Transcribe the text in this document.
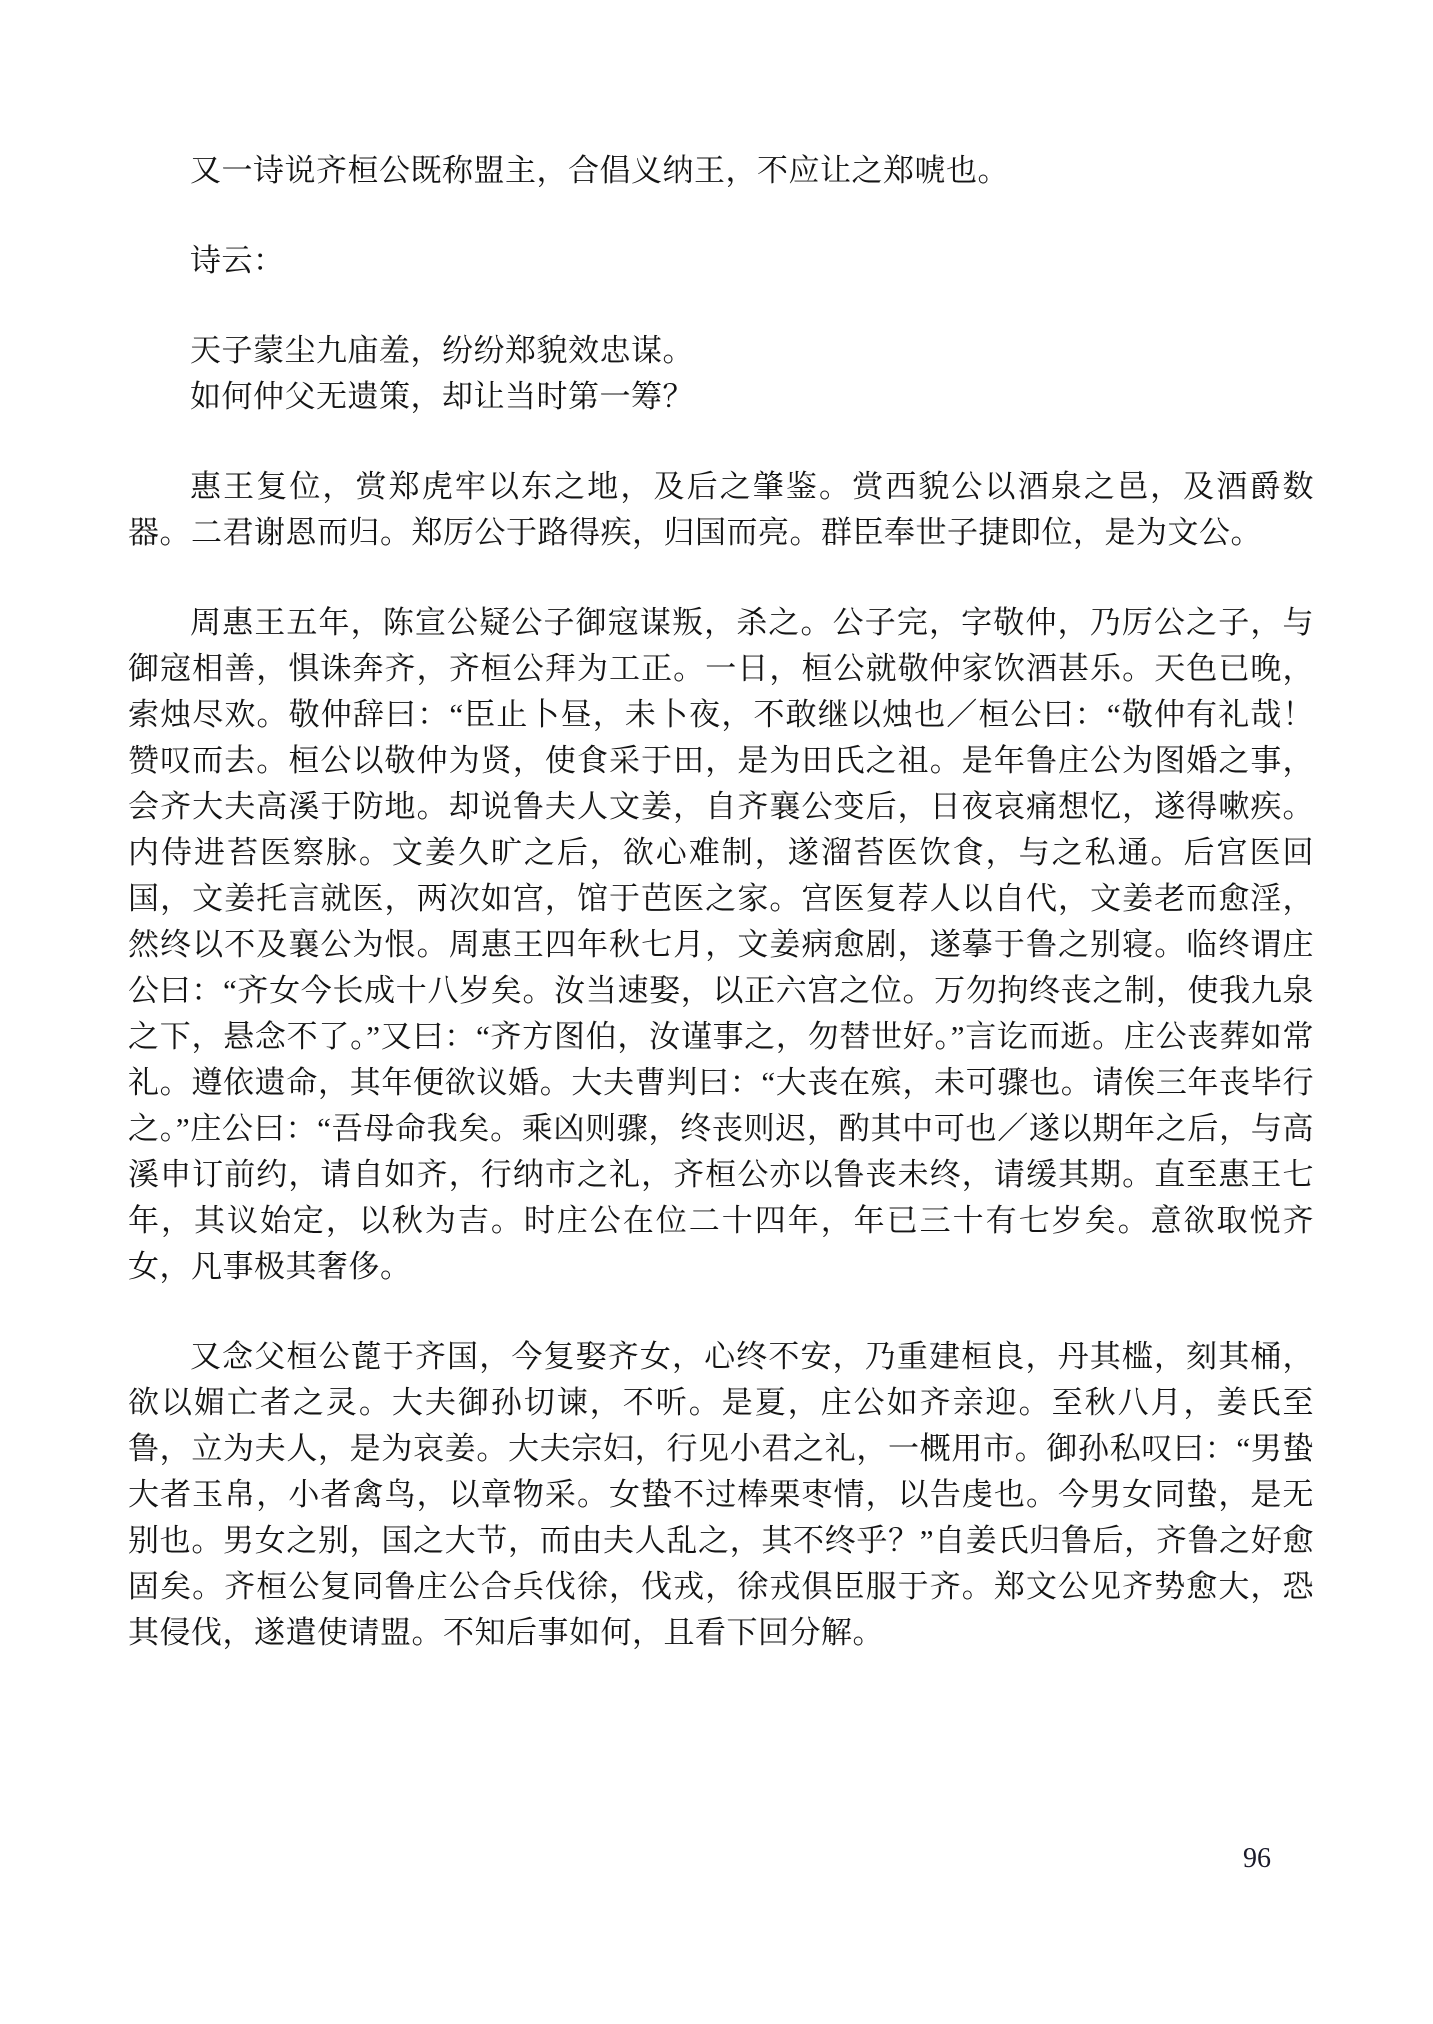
又一诗说齐桓公既称盟主，合倡义纳王，不应让之郑唬也。

诗云：

天子蒙尘九庙羞，纷纷郑貌效忠谋。
如何仲父无遗策，却让当时第一筹？

惠王复位，赏郑虎牢以东之地，及后之肇鉴。赏西貌公以酒泉之邑，及酒爵数器。二君谢恩而归。郑厉公于路得疾，归国而亮。群臣奉世子捷即位，是为文公。

周惠王五年，陈宣公疑公子御寇谋叛，杀之。公子完，字敬仲，乃厉公之子，与御寇相善，惧诛奔齐，齐桓公拜为工正。一日，桓公就敬仲家饮酒甚乐。天色已晚，索烛尽欢。敬仲辞曰：“臣止卜昼，未卜夜，不敢继以烛也／桓公曰：“敬仲有礼哉！赞叹而去。桓公以敬仲为贤，使食采于田，是为田氏之祖。是年鲁庄公为图婚之事，会齐大夫高溪于防地。却说鲁夫人文姜，自齐襄公变后，日夜哀痛想忆，遂得嗽疾。内侍进苔医察脉。文姜久旷之后，欲心难制，遂溜苔医饮食，与之私通。后宫医回国，文姜托言就医，两次如宫，馆于芭医之家。宫医复荐人以自代，文姜老而愈淫，然终以不及襄公为恨。周惠王四年秋七月，文姜病愈剧，遂摹于鲁之别寝。临终谓庄公曰：“齐女今长成十八岁矣。汝当速娶，以正六宫之位。万勿拘终丧之制，使我九泉之下，悬念不了。”又曰：“齐方图伯，汝谨事之，勿替世好。”言讫而逝。庄公丧葬如常礼。遵依遗命，其年便欲议婚。大夫曹判曰：“大丧在殡，未可骤也。请俟三年丧毕行之。”庄公曰：“吾母命我矣。乘凶则骤，终丧则迟，酌其中可也／遂以期年之后，与高溪申订前约，请自如齐，行纳市之礼，齐桓公亦以鲁丧未终，请缓其期。直至惠王七年，其议始定，以秋为吉。时庄公在位二十四年，年已三十有七岁矣。意欲取悦齐女，凡事极其奢侈。

又念父桓公蓖于齐国，今复娶齐女，心终不安，乃重建桓良，丹其槛，刻其桶，欲以媚亡者之灵。大夫御孙切谏，不听。是夏，庄公如齐亲迎。至秋八月，姜氏至鲁，立为夫人，是为哀姜。大夫宗妇，行见小君之礼，一概用市。御孙私叹曰：“男蛰大者玉帛，小者禽鸟，以章物采。女蛰不过棒栗枣情，以告虔也。今男女同蛰，是无别也。男女之别，国之大节，而由夫人乱之，其不终乎？”自姜氏归鲁后，齐鲁之好愈固矣。齐桓公复同鲁庄公合兵伐徐，伐戎，徐戎俱臣服于齐。郑文公见齐势愈大，恐其侵伐，遂遣使请盟。不知后事如何，且看下回分解。

96
